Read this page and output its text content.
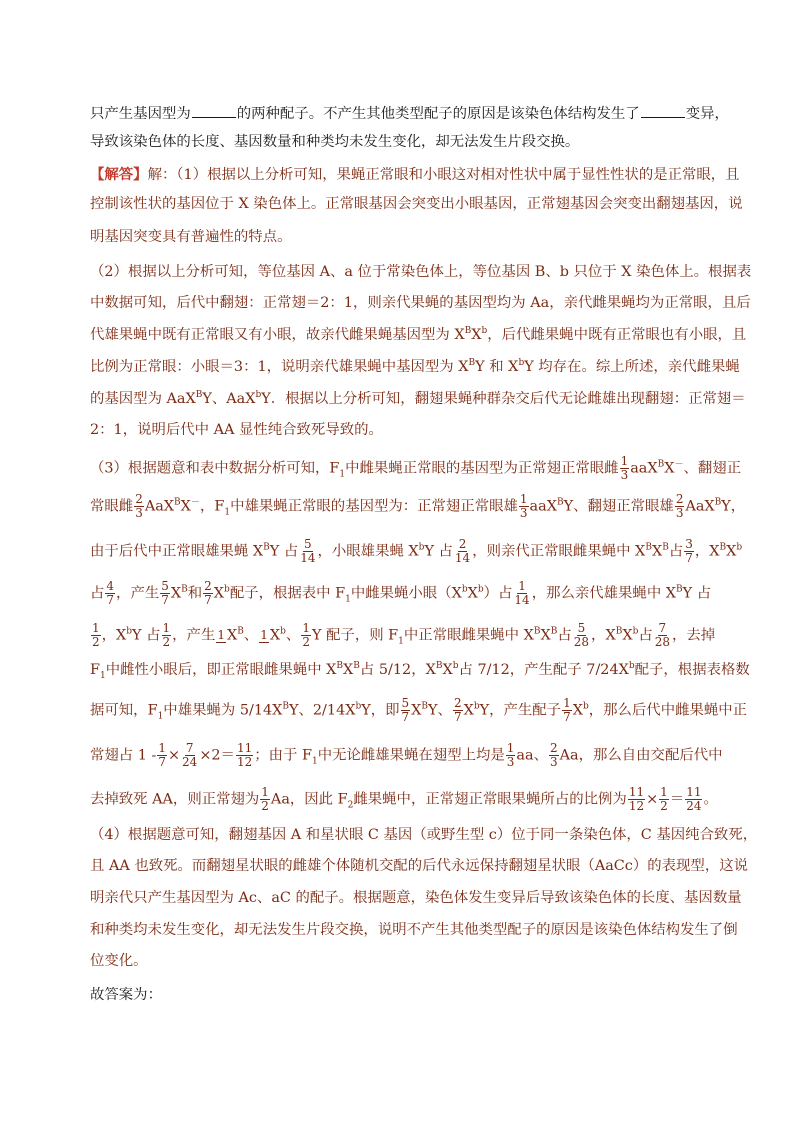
只产生基因型为	的两种配子。不产生其他类型配子的原因是该染色体结构发生了	变异，
导致该染色体的长度、基因数量和种类均未发生变化，却无法发生片段交换。
【解答】解：（1）根据以上分析可知，果蝇正常眼和小眼这对相对性状中属于显性性状的是正常眼，且
控制该性状的基因位于 X 染色体上。正常眼基因会突变出小眼基因，正常翅基因会突变出翻翅基因，说
明基因突变具有普遍性的特点。
（2）根据以上分析可知，等位基因 A、a 位于常染色体上，等位基因 B、b 只位于 X 染色体上。根据表
中数据可知，后代中翻翅：正常翅＝2：1，则亲代果蝇的基因型均为 Aa，亲代雌果蝇均为正常眼，且后
代雄果蝇中既有正常眼又有小眼，故亲代雌果蝇基因型为 $X^BX^b$，后代雌果蝇中既有正常眼也有小眼，且
比例为正常眼：小眼＝3：1，说明亲代雄果蝇中基因型为 $X^BY$ 和 $X^bY$ 均存在。综上所述，亲代雌果蝇
的基因型为 AaX$^B$Y、AaX$^b$Y．根据以上分析可知，翻翅果蝇种群杂交后代无论雌雄出现翻翅：正常翅＝
2：1，说明后代中 AA 显性纯合致死导致的。
（3）根据题意和表中数据分析可知，$F_1$中雌果蝇正常眼的基因型为正常翅正常眼雌 $\frac{1}{3} aaX^BX^-$、翻翅正
常眼雌 $\frac{2}{3} AaX^BX^-$，$F_1$中雄果蝇正常眼的基因型为：正常翅正常眼雄 $\frac{1}{3} aaX^BY$、翻翅正常眼雄 $\frac{2}{3} AaX^BY$，
由于后代中正常眼雄果蝇 $X^BY$ 占 $\frac{5}{14}$ ，小眼雄果蝇 $X^bY$ 占 $\frac{2}{14}$ ，则亲代正常眼雌果蝇中 $X^BX^B$占 $\frac{3}{7}$ ，$X^BX^b$
占 $\frac{4}{7}$ ，产生 $\frac{5}{7} X^B$和 $\frac{2}{7} X^b$配子，根据表中 $F_1$中雌果蝇小眼$(X^bX^b)$占 $\frac{1}{14}$ ，那么亲代雄果蝇中 $X^BY$ 占
$\frac{1}{2}$ ，$X^bY$ 占 $\frac{1}{2}$ ，产生 1 $X^B$、 1 $X^b$、 $\frac{1}{2}$ Y 配子，则 $F_1$中正常眼雌果蝇中 $X^BX^B$占 $\frac{5}{28}$ ，$X^BX^b$占 $\frac{7}{28}$ ，去掉
$F_1$中雌性小眼后，即正常眼雌果蝇中 $X^BX^B$占 5/12，$X^BX^b$占 7/12，产生配子 $7/24X^b$配子，根据表格数
据可知，$F_1$中雄果蝇为 $5/14X^BY$、$2/14X^bY$，即 $\frac{5}{7} X^BY$、 $\frac{2}{7} X^bY$，产生配子 $\frac{1}{7} X^b$，那么后代中雌果蝇中正
常翅占 $1 - \frac{1}{7} \times \frac{7}{24} \times 2= \frac{11}{12}$ ；由于 $F_1$中无论雌雄果蝇在翅型上均是 $\frac{1}{3}$ aa、 $\frac{2}{3}$ Aa，那么自由交配后代中
去掉致死 AA，则正常翅为 $\frac{1}{2}$ Aa，因此 $F_2$雌果蝇中，正常翅正常眼果蝇所占的比例为 $\frac{11}{12} \times \frac{1}{2} = \frac{11}{24}$ 。
（4）根据题意可知，翻翅基因 A 和星状眼 C 基因（或野生型 c）位于同一条染色体，C 基因纯合致死，
且 AA 也致死。而翻翅星状眼的雌雄个体随机交配的后代永远保持翻翅星状眼（AaCc）的表现型，这说
明亲代只产生基因型为 Ac、aC 的配子。根据题意，染色体发生变异后导致该染色体的长度、基因数量
和种类均未发生变化，却无法发生片段交换，说明不产生其他类型配子的原因是该染色体结构发生了倒
位变化。
故答案为：
